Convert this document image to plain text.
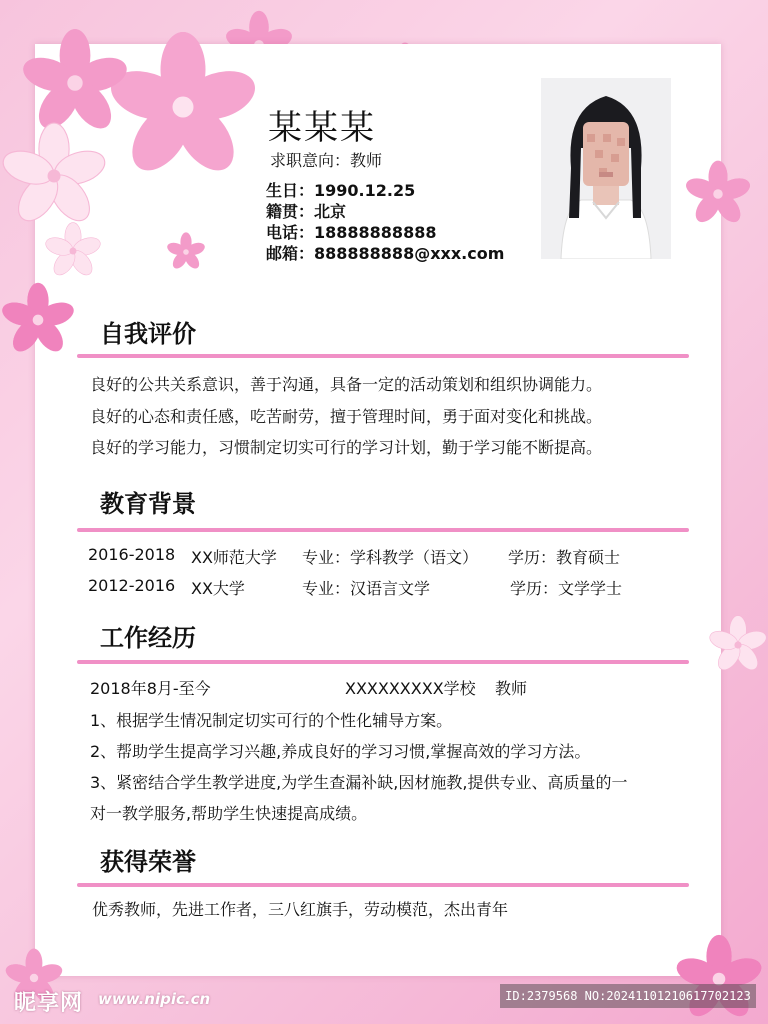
某某某
求职意向：教师
生日：1990.12.25
籍贯：北京
电话：18888888888
邮箱：888888888@xxx.com
自我评价
良好的公共关系意识，善于沟通，具备一定的活动策划和组织协调能力。
良好的心态和责任感，吃苦耐劳，擅于管理时间，勇于面对变化和挑战。
良好的学习能力，习惯制定切实可行的学习计划，勤于学习能不断提高。
教育背景
2016-2018 XX师范大学 专业：学科教学（语文） 学历：教育硕士
2012-2016 XX大学	专业：汉语言文学	学历：文学学士
工作经历
2018年8月-至今	XXXXXXXXX学校 教师
1、根据学生情况制定切实可行的个性化辅导方案。
2、帮助学生提高学习兴趣,养成良好的学习习惯,掌握高效的学习方法。
3、紧密结合学生教学进度,为学生查漏补缺,因材施教,提供专业、高质量的一
对一教学服务,帮助学生快速提高成绩。
获得荣誉
优秀教师，先进工作者，三八红旗手，劳动模范，杰出青年
昵享网 www.nipic.cn	ID:2379568 NO:20241101210617702123
